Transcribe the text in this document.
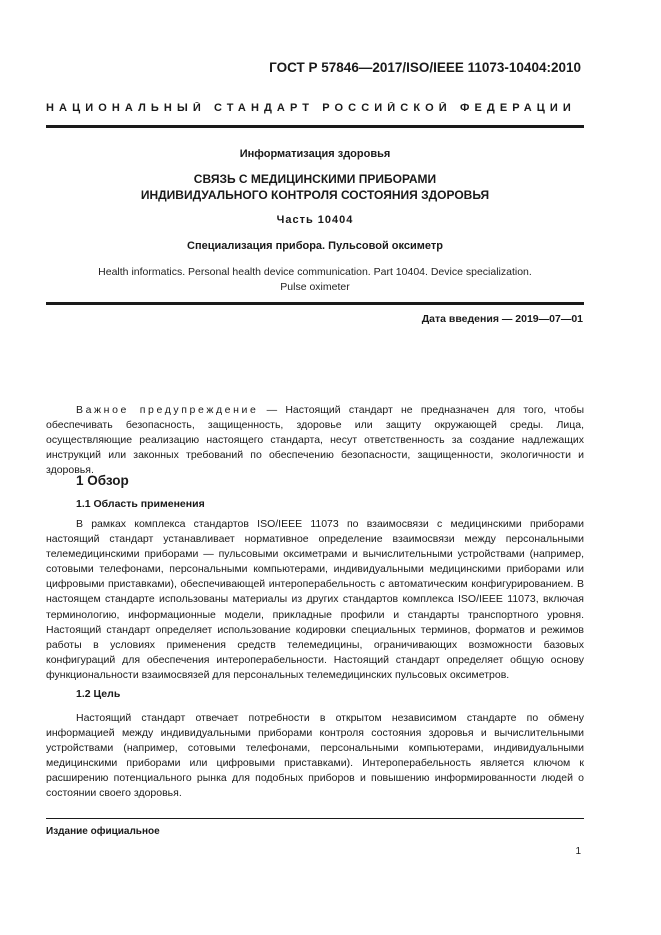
ГОСТ Р 57846—2017/ISO/IEEE 11073-10404:2010
НАЦИОНАЛЬНЫЙ СТАНДАРТ РОССИЙСКОЙ ФЕДЕРАЦИИ
Информатизация здоровья
СВЯЗЬ С МЕДИЦИНСКИМИ ПРИБОРАМИ
ИНДИВИДУАЛЬНОГО КОНТРОЛЯ СОСТОЯНИЯ ЗДОРОВЬЯ
Часть 10404
Специализация прибора. Пульсовой оксиметр
Health informatics. Personal health device communication. Part 10404. Device specialization.
Pulse oximeter
Дата введения — 2019—07—01

Важное предупреждение — Настоящий стандарт не предназначен для того, чтобы обеспечивать безопасность, защищенность, здоровье или защиту окружающей среды. Лица, осуществляющие реализацию настоящего стандарта, несут ответственность за создание надлежащих инструкций или законных требований по обеспечению безопасности, защищенности, экологичности и здоровья.

1 Обзор
1.1 Область применения

В рамках комплекса стандартов ISO/IEEE 11073 по взаимосвязи с медицинскими приборами настоящий стандарт устанавливает нормативное определение взаимосвязи между персональными телемедицинскими приборами — пульсовыми оксиметрами и вычислительными устройствами (например, сотовыми телефонами, персональными компьютерами, индивидуальными медицинскими приборами или цифровыми приставками), обеспечивающей интероперабельность с автоматическим конфигурированием. В настоящем стандарте использованы материалы из других стандартов комплекса ISO/IEEE 11073, включая терминологию, информационные модели, прикладные профили и стандарты транспортного уровня. Настоящий стандарт определяет использование кодировки специальных терминов, форматов и режимов работы в условиях применения средств телемедицины, ограничивающих возможности базовых конфигураций для обеспечения интероперабельности. Настоящий стандарт определяет общую основу функциональности взаимосвязей для персональных телемедицинских пульсовых оксиметров.

1.2 Цель

Настоящий стандарт отвечает потребности в открытом независимом стандарте по обмену информацией между индивидуальными приборами контроля состояния здоровья и вычислительными устройствами (например, сотовыми телефонами, персональными компьютерами, индивидуальными медицинскими приборами или цифровыми приставками). Интероперабельность является ключом к расширению потенциального рынка для подобных приборов и повышению информированности людей о состоянии своего здоровья.

Издание официальное
1
